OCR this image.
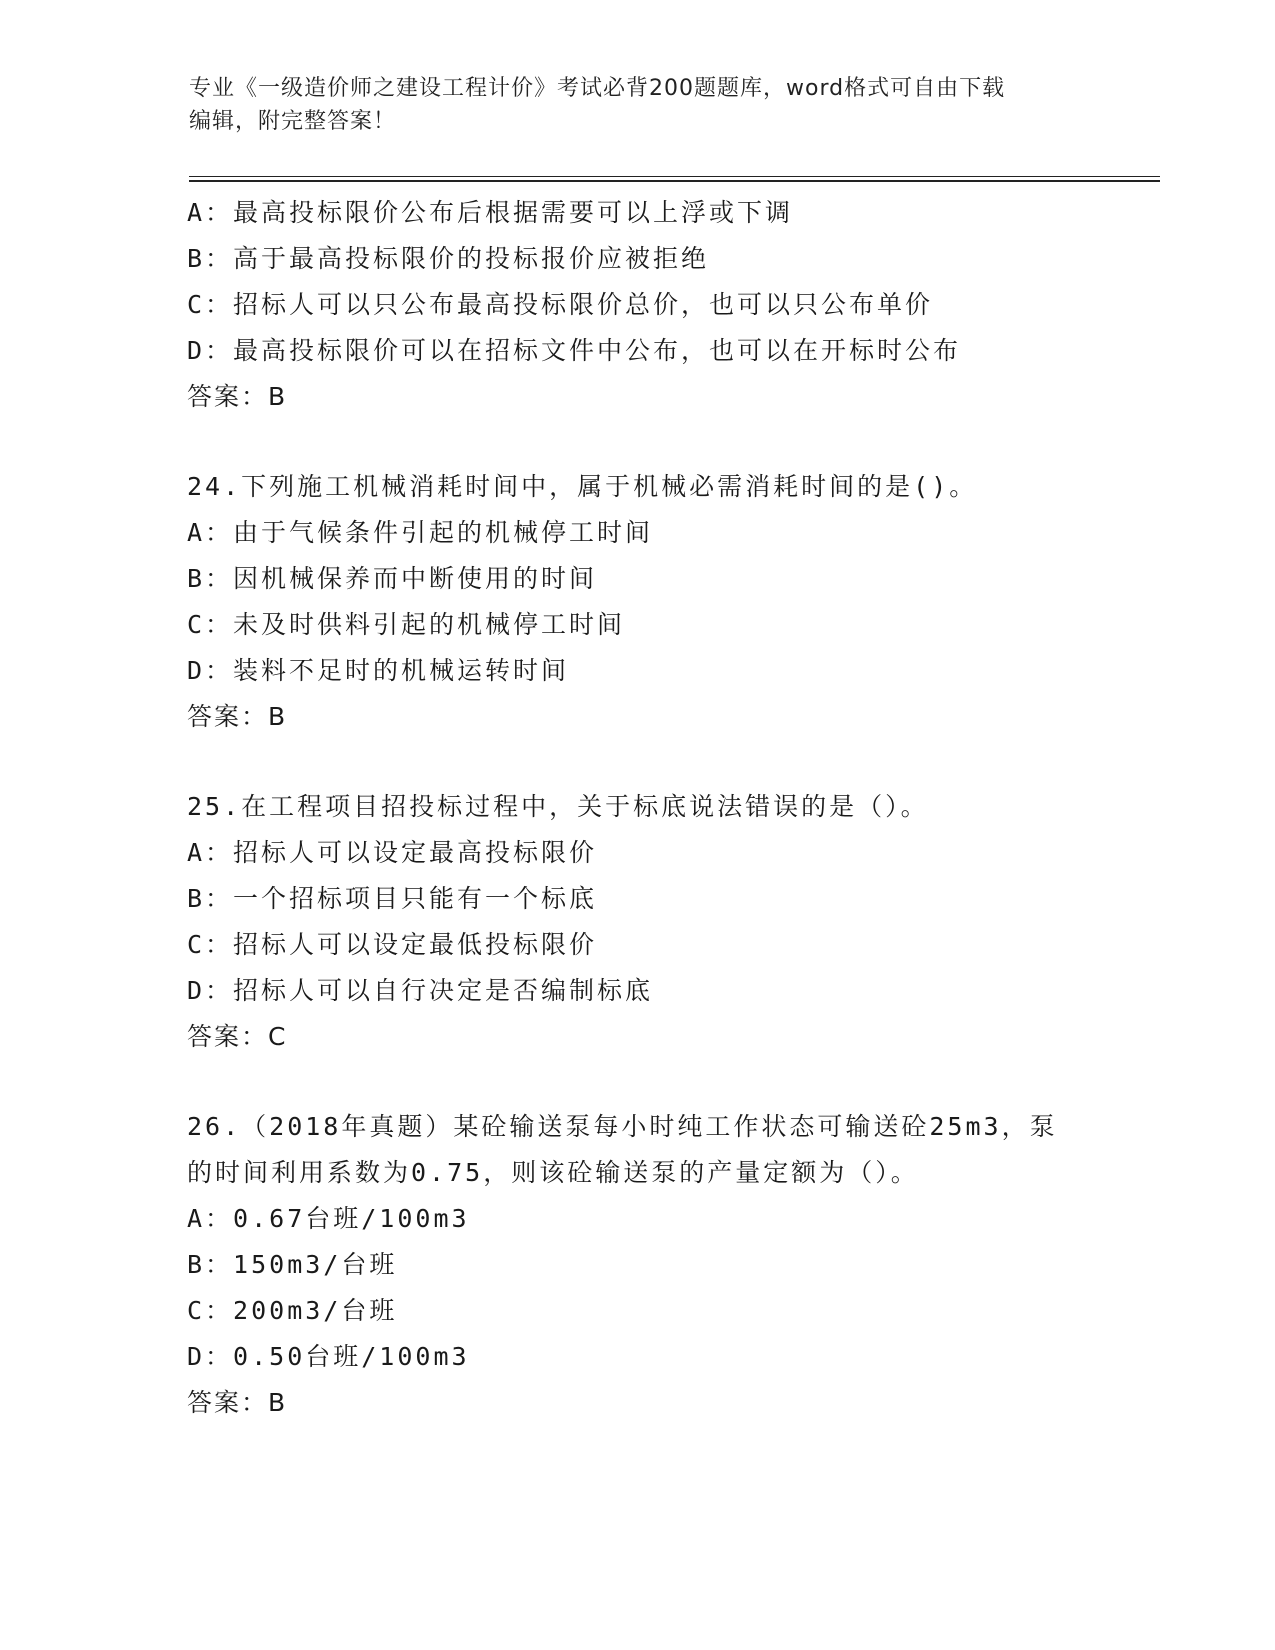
专业《一级造价师之建设工程计价》考试必背200题题库，word格式可自由下载
编辑，附完整答案！
A：最高投标限价公布后根据需要可以上浮或下调
B：高于最高投标限价的投标报价应被拒绝
C：招标人可以只公布最高投标限价总价，也可以只公布单价
D：最高投标限价可以在招标文件中公布，也可以在开标时公布
答案：B
24.下列施工机械消耗时间中，属于机械必需消耗时间的是()。
A：由于气候条件引起的机械停工时间
B：因机械保养而中断使用的时间
C：未及时供料引起的机械停工时间
D：装料不足时的机械运转时间
答案：B
25.在工程项目招投标过程中，关于标底说法错误的是（）。
A：招标人可以设定最高投标限价
B：一个招标项目只能有一个标底
C：招标人可以设定最低投标限价
D：招标人可以自行决定是否编制标底
答案：C
26.（2018年真题）某砼输送泵每小时纯工作状态可输送砼25m3，泵
的时间利用系数为0.75，则该砼输送泵的产量定额为（）。
A：0.67台班/100m3
B：150m3/台班
C：200m3/台班
D：0.50台班/100m3
答案：B
